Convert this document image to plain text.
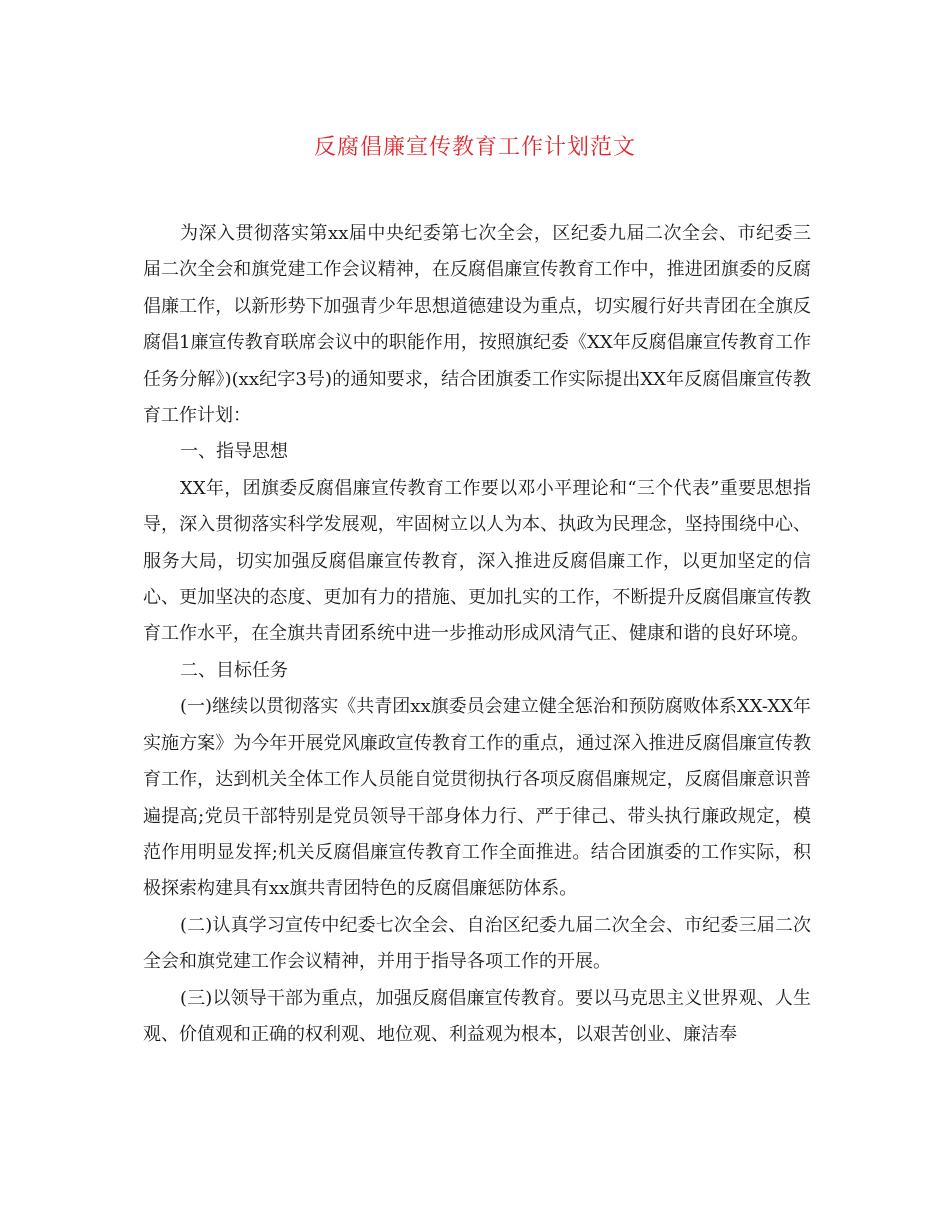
反腐倡廉宣传教育工作计划范文

为深入贯彻落实第xx届中央纪委第七次全会，区纪委九届二次全会、市纪委三届二次全会和旗党建工作会议精神，在反腐倡廉宣传教育工作中，推进团旗委的反腐倡廉工作，以新形势下加强青少年思想道德建设为重点，切实履行好共青团在全旗反腐倡1廉宣传教育联席会议中的职能作用，按照旗纪委《XX年反腐倡廉宣传教育工作任务分解》)(xx纪字3号)的通知要求，结合团旗委工作实际提出XX年反腐倡廉宣传教育工作计划：

一、指导思想

XX年，团旗委反腐倡廉宣传教育工作要以邓小平理论和“三个代表”重要思想指导，深入贯彻落实科学发展观，牢固树立以人为本、执政为民理念，坚持围绕中心、服务大局，切实加强反腐倡廉宣传教育，深入推进反腐倡廉工作，以更加坚定的信心、更加坚决的态度、更加有力的措施、更加扎实的工作，不断提升反腐倡廉宣传教育工作水平，在全旗共青团系统中进一步推动形成风清气正、健康和谐的良好环境。

二、目标任务

(一)继续以贯彻落实《共青团xx旗委员会建立健全惩治和预防腐败体系XX-XX年实施方案》为今年开展党风廉政宣传教育工作的重点，通过深入推进反腐倡廉宣传教育工作，达到机关全体工作人员能自觉贯彻执行各项反腐倡廉规定，反腐倡廉意识普遍提高;党员干部特别是党员领导干部身体力行、严于律己、带头执行廉政规定，模范作用明显发挥;机关反腐倡廉宣传教育工作全面推进。结合团旗委的工作实际，积极探索构建具有xx旗共青团特色的反腐倡廉惩防体系。

(二)认真学习宣传中纪委七次全会、自治区纪委九届二次全会、市纪委三届二次全会和旗党建工作会议精神，并用于指导各项工作的开展。

(三)以领导干部为重点，加强反腐倡廉宣传教育。要以马克思主义世界观、人生观、价值观和正确的权利观、地位观、利益观为根本，以艰苦创业、廉洁奉
